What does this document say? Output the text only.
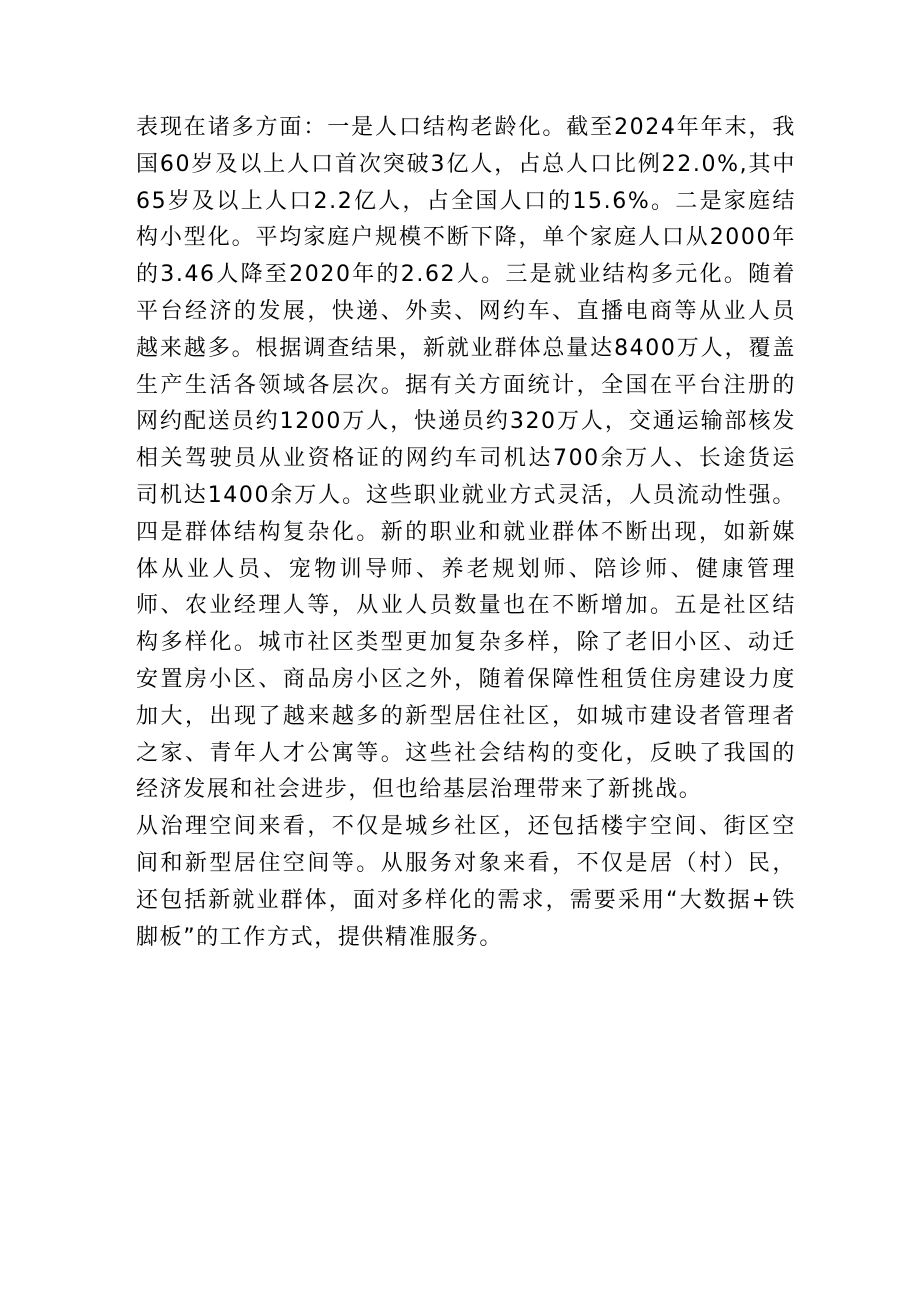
表现在诸多方面：一是人口结构老龄化。截至2024年年末，我国60岁及以上人口首次突破3亿人，占总人口比例22.0%,其中65岁及以上人口2.2亿人，占全国人口的15.6%。二是家庭结构小型化。平均家庭户规模不断下降，单个家庭人口从2000年的3.46人降至2020年的2.62人。三是就业结构多元化。随着平台经济的发展，快递、外卖、网约车、直播电商等从业人员越来越多。根据调查结果，新就业群体总量达8400万人，覆盖生产生活各领域各层次。据有关方面统计，全国在平台注册的网约配送员约1200万人，快递员约320万人，交通运输部核发相关驾驶员从业资格证的网约车司机达700余万人、长途货运司机达1400余万人。这些职业就业方式灵活，人员流动性强。四是群体结构复杂化。新的职业和就业群体不断出现，如新媒体从业人员、宠物训导师、养老规划师、陪诊师、健康管理师、农业经理人等，从业人员数量也在不断增加。五是社区结构多样化。城市社区类型更加复杂多样，除了老旧小区、动迁安置房小区、商品房小区之外，随着保障性租赁住房建设力度加大，出现了越来越多的新型居住社区，如城市建设者管理者之家、青年人才公寓等。这些社会结构的变化，反映了我国的经济发展和社会进步，但也给基层治理带来了新挑战。

从治理空间来看，不仅是城乡社区，还包括楼宇空间、街区空间和新型居住空间等。从服务对象来看，不仅是居（村）民，还包括新就业群体，面对多样化的需求，需要采用“大数据+铁脚板”的工作方式，提供精准服务。
